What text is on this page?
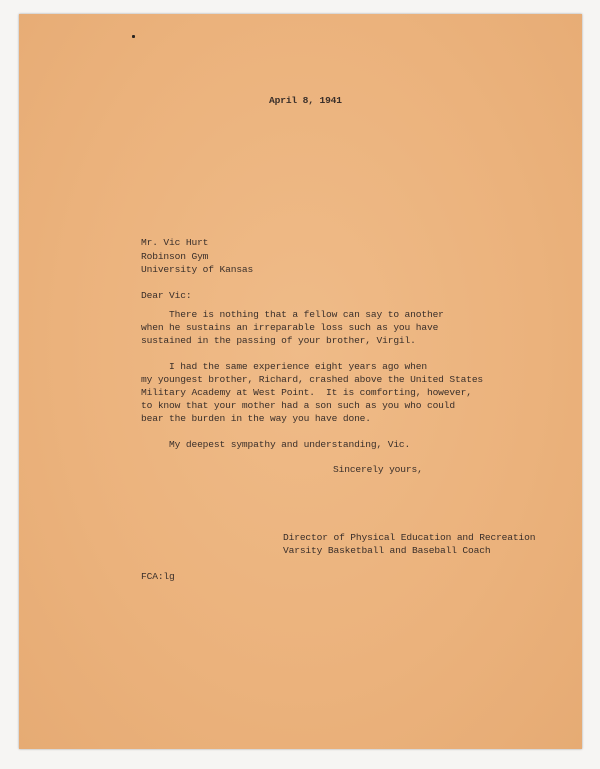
April 8, 1941
Mr. Vic Hurt
Robinson Gym
University of Kansas
Dear Vic:
There is nothing that a fellow can say to another
when he sustains an irreparable loss such as you have
sustained in the passing of your brother, Virgil.
I had the same experience eight years ago when
my youngest brother, Richard, crashed above the United States
Military Academy at West Point.  It is comforting, however,
to know that your mother had a son such as you who could
bear the burden in the way you have done.
My deepest sympathy and understanding, Vic.
Sincerely yours,
Director of Physical Education and Recreation
Varsity Basketball and Baseball Coach
FCA:lg
